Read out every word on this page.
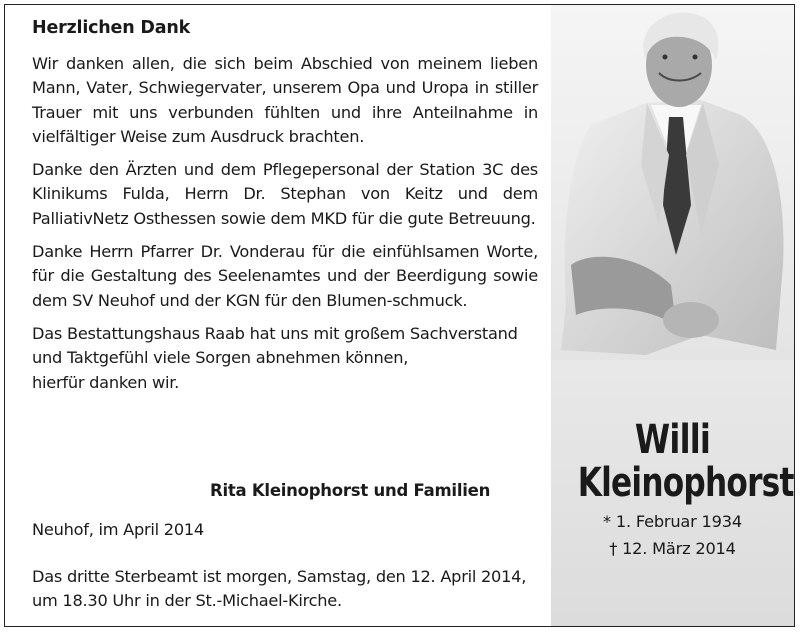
Herzlichen Dank

Wir danken allen, die sich beim Abschied von meinem lieben Mann, Vater, Schwiegervater, unserem Opa und Uropa in stiller Trauer mit uns verbunden fühlten und ihre Anteilnahme in vielfältiger Weise zum Ausdruck brachten.

Danke den Ärzten und dem Pflegepersonal der Station 3C des Klinikums Fulda, Herrn Dr. Stephan von Keitz und dem PalliativNetz Osthessen sowie dem MKD für die gute Betreuung.

Danke Herrn Pfarrer Dr. Vonderau für die einfühlsamen Worte, für die Gestaltung des Seelenamtes und der Beerdigung sowie dem SV Neuhof und der KGN für den Blumen-schmuck.

Das Bestattungshaus Raab hat uns mit großem Sachverstand
und Taktgefühl viele Sorgen abnehmen können,
hierfür danken wir.

Rita Kleinophorst und Familien
Neuhof, im April 2014
Das dritte Sterbeamt ist morgen, Samstag, den 12. April 2014,
um 18.30 Uhr in der St.-Michael-Kirche.
Willi
Kleinophorst
* 1. Februar 1934
† 12. März 2014
